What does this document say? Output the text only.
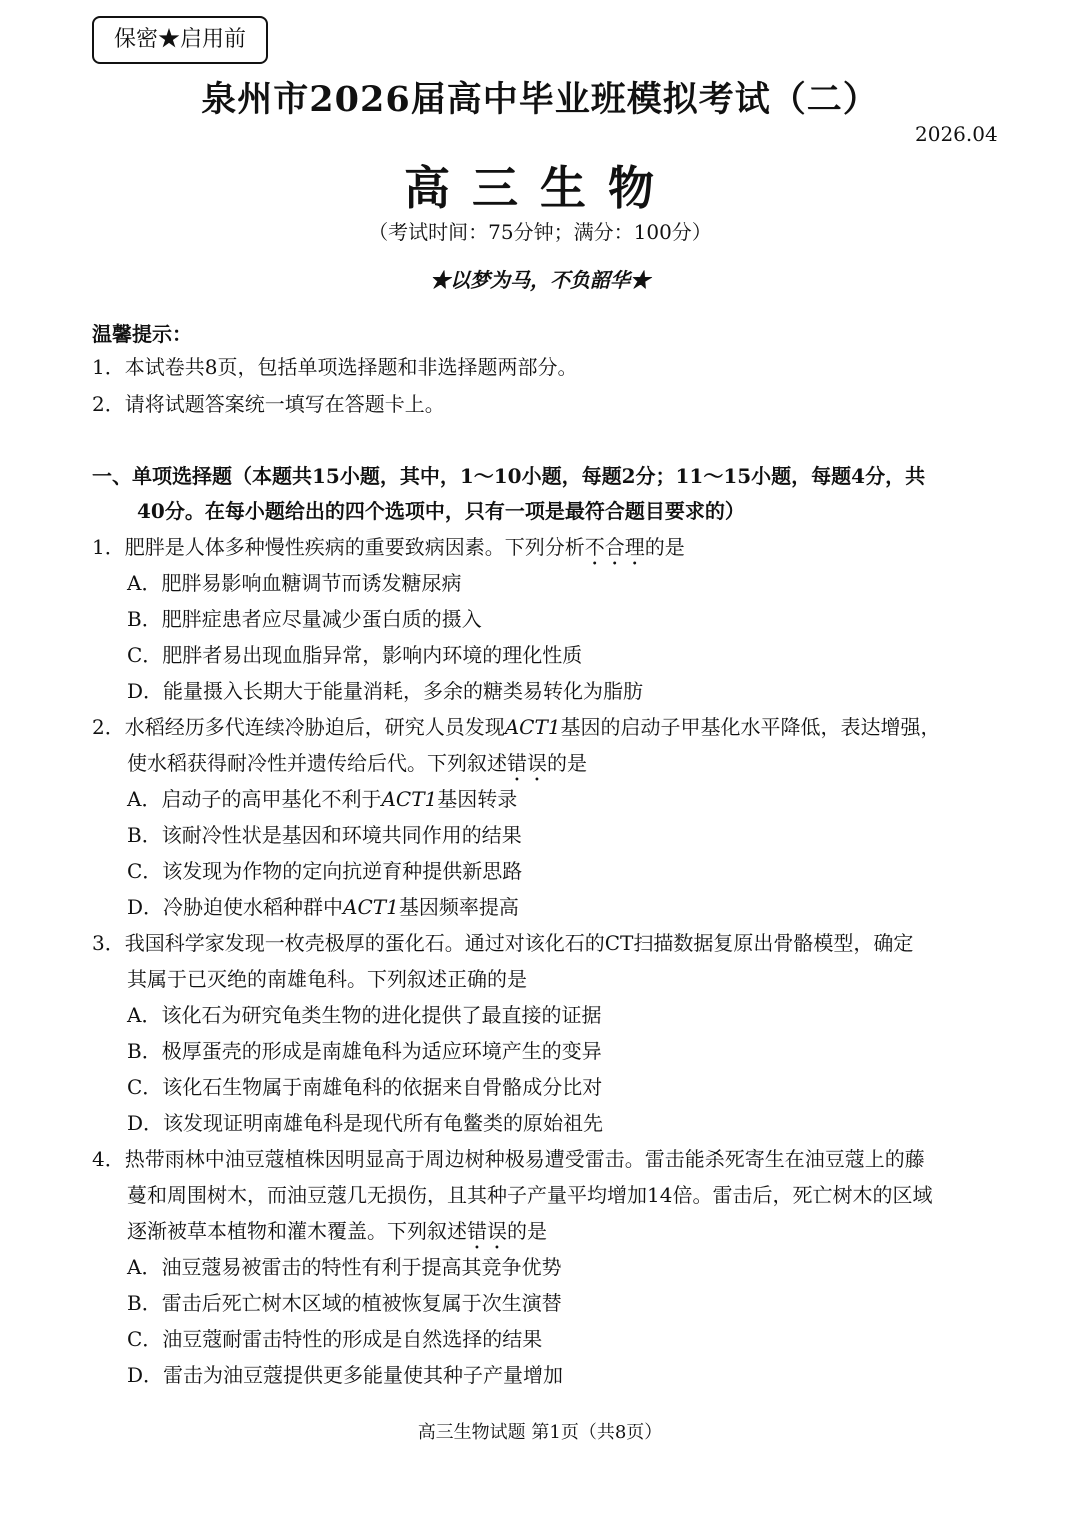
保密★启用前
泉州市2026届高中毕业班模拟考试（二）
2026.04
高三生物
（考试时间：75分钟；满分：100分）
★以梦为马，不负韶华★
温馨提示：
1．本试卷共8页，包括单项选择题和非选择题两部分。
2．请将试题答案统一填写在答题卡上。
一、单项选择题（本题共15小题，其中，1～10小题，每题2分；11～15小题，每题4分，共
40分。在每小题给出的四个选项中，只有一项是最符合题目要求的）
1．肥胖是人体多种慢性疾病的重要致病因素。下列分析不合理的是
A．肥胖易影响血糖调节而诱发糖尿病
B．肥胖症患者应尽量减少蛋白质的摄入
C．肥胖者易出现血脂异常，影响内环境的理化性质
D．能量摄入长期大于能量消耗，多余的糖类易转化为脂肪
2．水稻经历多代连续冷胁迫后，研究人员发现ACT1基因的启动子甲基化水平降低，表达增强，
使水稻获得耐冷性并遗传给后代。下列叙述错误的是
A．启动子的高甲基化不利于ACT1基因转录
B．该耐冷性状是基因和环境共同作用的结果
C．该发现为作物的定向抗逆育种提供新思路
D．冷胁迫使水稻种群中ACT1基因频率提高
3．我国科学家发现一枚壳极厚的蛋化石。通过对该化石的CT扫描数据复原出骨骼模型，确定
其属于已灭绝的南雄龟科。下列叙述正确的是
A．该化石为研究龟类生物的进化提供了最直接的证据
B．极厚蛋壳的形成是南雄龟科为适应环境产生的变异
C．该化石生物属于南雄龟科的依据来自骨骼成分比对
D．该发现证明南雄龟科是现代所有龟鳖类的原始祖先
4．热带雨林中油豆蔻植株因明显高于周边树种极易遭受雷击。雷击能杀死寄生在油豆蔻上的藤
蔓和周围树木，而油豆蔻几无损伤，且其种子产量平均增加14倍。雷击后，死亡树木的区域
逐渐被草本植物和灌木覆盖。下列叙述错误的是
A．油豆蔻易被雷击的特性有利于提高其竞争优势
B．雷击后死亡树木区域的植被恢复属于次生演替
C．油豆蔻耐雷击特性的形成是自然选择的结果
D．雷击为油豆蔻提供更多能量使其种子产量增加
高三生物试题 第1页（共8页）
